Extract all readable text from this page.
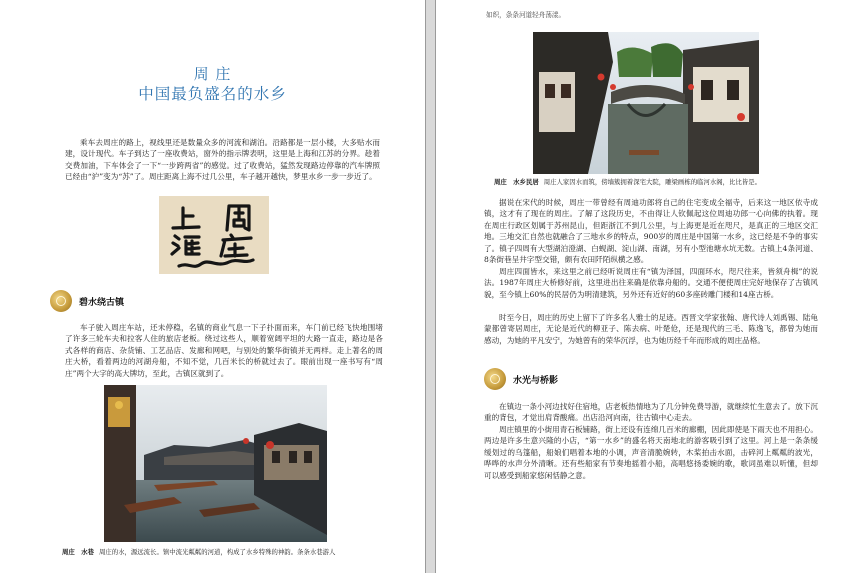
周 庄
中国最负盛名的水乡
乘车去周庄的路上，视线里还是数量众多的河流和湖泊。沿路都是一层小楼，大多贴水而建，设计现代。车子到达了一座收费站，窗外的指示牌表明，这里是上海和江苏的分界。趁着交费加油，下车体会了一下“一步跨两省”的感觉。过了收费站，猛然发现路边停靠的汽车牌照已经由“沪”变为“苏”了。周庄距离上海不过几公里，车子越开越快，梦里水乡一步一步近了。
碧水绕古镇
车子驶入周庄车站，还未停稳，名镇的商业气息一下子扑面而来，车门前已经飞快地围堵了许多三轮车夫和拉客人住的旅店老板。绕过这些人，顺着宽阔平坦的大路一直走，路边是各式各样的商店、杂货铺、工艺品店、发廊和网吧，与别处的繁华街镇并无两样。走上著名的周庄大桥，看着两边的河湖舟船，不知不觉，几百米长的桥就过去了。眼前出现一座书写有“周庄”两个大字的高大牌坊，至此，古镇区就到了。
周庄　水巷 周庄的水，源远流长。镇中流光粼粼的河道，构成了水乡特殊的神韵。条条水巷游人
如织，条条河道轻舟荡漾。
周庄　水乡民居 周庄人家因水而筑，傍墙簇拥着深宅大院，雕梁画栋的临河水阁，比比皆是。
据说在宋代的时候，周庄一带曾经有周迪功郎将自己的住宅变成全福寺，后来这一地区依寺成镇，这才有了现在的周庄。了解了这段历史，不由得让人钦佩起这位周迪功郎一心向佛的执着。现在周庄行政区划属于苏州昆山，但距浙江不到几公里，与上海更是近在咫尺，是真正的三地区交汇地。三地交汇自然也就融合了三地水乡的特点，900岁的周庄是中国第一水乡，这已经是不争的事实了。镇子四周有大型湖泊澄湖、白蚬湖、淀山湖、南湖，另有小型池塘水坑无数。古镇上4条河道、8条街巷呈井字型交错，颇有农田阡陌纵横之感。
周庄四面皆水，来这里之前已经听说周庄有“镇为泽国，四面环水，咫尺往来，皆须舟楫”的说法。1987年周庄大桥修好前，这里进出往来确是依靠舟船的。交通不便使周庄完好地保存了古镇风貌，至今镇上60%的民居仍为明清建筑，另外还有近好的60多座砖雕门楼和14座古桥。
时至今日，周庄的历史上留下了许多名人雅士的足迹。西晋文学家张翰、唐代诗人刘禹锡、陆龟蒙都曾寄居周庄，无论是近代的柳亚子、陈去病、叶楚伧，还是现代的三毛、陈逸飞，都曾为她而感动，为她的平凡安宁，为她曾有的荣华沉浮，也为她历经千年而形成的周庄品格。
水光与桥影
在镇边一条小河边找好住宿地，店老板热情地为了几分钟免费导游，就继续忙生意去了。放下沉重的背包，才觉出肩背酸痛。出店沿河向南，往古镇中心走去。
周庄镇里的小街用青石板铺路，街上还设有连绵几百米的廊棚，因此即使是下雨天也不用担心。两边是许多生意兴隆的小店，“第一水乡”的盛名将天南地北的游客吸引到了这里。河上是一条条缓缓划过的乌篷船，船娘们唱着本地的小调，声音清脆婉转，木桨拍击水面，击碎河上粼粼的波光，哗哗的水声分外清晰。还有些船家有节奏地摇着小船，高唱悠扬委婉的歌，歌词虽难以听懂，但却可以感受到船家悠闲恬静之意。
